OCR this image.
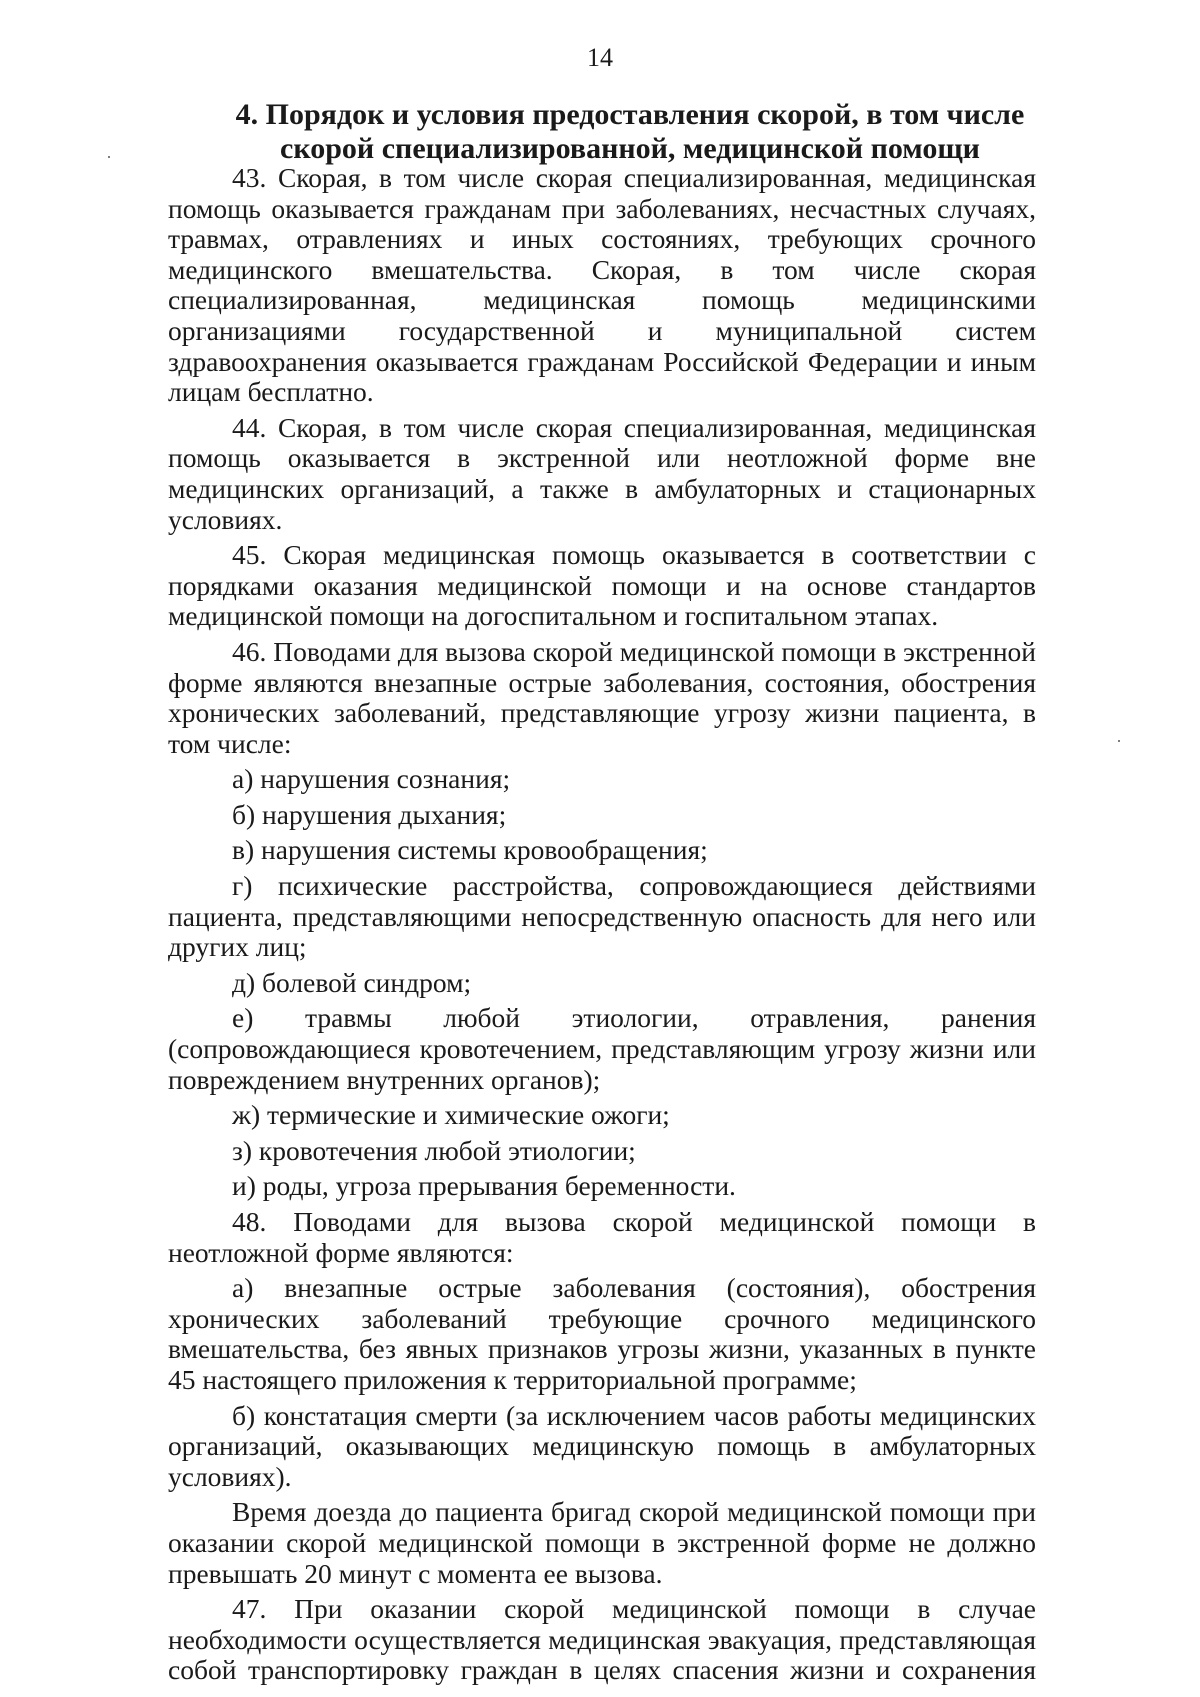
14
4. Порядок и условия предоставления скорой, в том числе
скорой специализированной, медицинской помощи

43. Скорая, в том числе скорая специализированная, медицинская помощь оказывается гражданам при заболеваниях, несчастных случаях, травмах, отравлениях и иных состояниях, требующих срочного медицинского вмешательства. Скорая, в том числе скорая специализированная, медицинская помощь медицинскими организациями государственной и муниципальной систем здравоохранения оказывается гражданам Российской Федерации и иным лицам бесплатно.

44. Скорая, в том числе скорая специализированная, медицинская помощь оказывается в экстренной или неотложной форме вне медицинских организаций, а также в амбулаторных и стационарных условиях.

45. Скорая медицинская помощь оказывается в соответствии с порядками оказания медицинской помощи и на основе стандартов медицинской помощи на догоспитальном и госпитальном этапах.

46. Поводами для вызова скорой медицинской помощи в экстренной форме являются внезапные острые заболевания, состояния, обострения хронических заболеваний, представляющие угрозу жизни пациента, в том числе:

а) нарушения сознания;

б) нарушения дыхания;

в) нарушения системы кровообращения;

г) психические расстройства, сопровождающиеся действиями пациента, представляющими непосредственную опасность для него или других лиц;

д) болевой синдром;

е) травмы любой этиологии, отравления, ранения (сопровождающиеся кровотечением, представляющим угрозу жизни или повреждением внутренних органов);

ж) термические и химические ожоги;

з) кровотечения любой этиологии;

и) роды, угроза прерывания беременности.

48. Поводами для вызова скорой медицинской помощи в неотложной форме являются:

а) внезапные острые заболевания (состояния), обострения хронических заболеваний требующие срочного медицинского вмешательства, без явных признаков угрозы жизни, указанных в пункте 45 настоящего приложения к территориальной программе;

б) констатация смерти (за исключением часов работы медицинских организаций, оказывающих медицинскую помощь в амбулаторных условиях).

Время доезда до пациента бригад скорой медицинской помощи при оказании скорой медицинской помощи в экстренной форме не должно превышать 20 минут с момента ее вызова.

47. При оказании скорой медицинской помощи в случае необходимости осуществляется медицинская эвакуация, представляющая собой транспортировку граждан в целях спасения жизни и сохранения
